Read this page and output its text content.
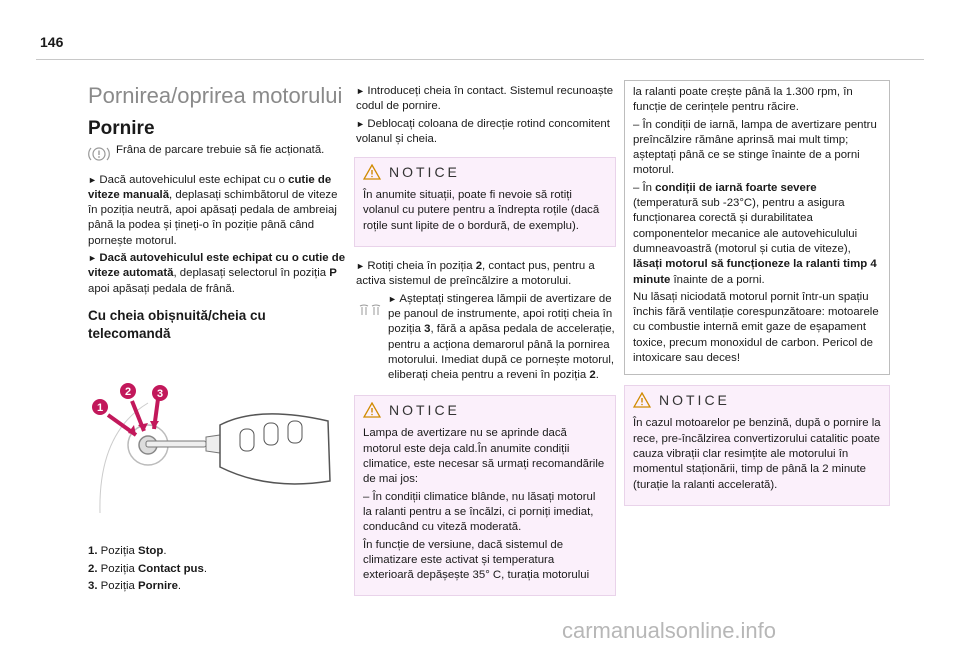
146
Pornirea/oprirea motorului
Pornire
Frâna de parcare trebuie să fie acționată.

► Dacă autovehiculul este echipat cu o cutie de viteze manuală, deplasați schimbătorul de viteze în poziția neutră, apoi apăsați pedala de ambreiaj până la podea și țineți-o în poziție până când pornește motorul.

► Dacă autovehiculul este echipat cu o cutie de viteze automată, deplasați selectorul în poziția P apoi apăsați pedala de frână.

Cu cheia obișnuită/cheia cu telecomandă
1
2 3

1. Poziția Stop.

2. Poziția Contact pus.

3. Poziția Pornire.

► Introduceți cheia în contact. Sistemul recunoaște codul de pornire.

► Deblocați coloana de direcție rotind concomitent volanul și cheia.

NOTICE

În anumite situații, poate fi nevoie să rotiți volanul cu putere pentru a îndrepta roțile (dacă roțile sunt lipite de o bordură, de exemplu).

► Rotiți cheia în poziția 2, contact pus, pentru a activa sistemul de preîncălzire a motorului.

► Așteptați stingerea lămpii de avertizare de pe panoul de instrumente, apoi rotiți cheia în poziția 3, fără a apăsa pedala de accelerație, pentru a acționa demarorul până la pornirea motorului. Imediat după ce pornește motorul, eliberați cheia pentru a reveni în poziția 2.

NOTICE

Lampa de avertizare nu se aprinde dacă motorul este deja cald.În anumite condiții climatice, este necesar să urmați recomandările de mai jos:

– În condiții climatice blânde, nu lăsați motorul la ralanti pentru a se încălzi, ci porniți imediat, conducând cu viteză moderată.

În funcție de versiune, dacă sistemul de climatizare este activat și temperatura exterioară depășește 35° C, turația motorului

la ralanti poate crește până la 1.300 rpm, în funcție de cerințele pentru răcire.

– În condiții de iarnă, lampa de avertizare pentru preîncălzire rămâne aprinsă mai mult timp; așteptați până ce se stinge înainte de a porni motorul.

– În condiții de iarnă foarte severe (temperatură sub -23°C), pentru a asigura funcționarea corectă și durabilitatea componentelor mecanice ale autovehiculului dumneavoastră (motorul și cutia de viteze), lăsați motorul să funcționeze la ralanti timp 4 minute înainte de a porni.

Nu lăsați niciodată motorul pornit într-un spațiu închis fără ventilație corespunzătoare: motoarele cu combustie internă emit gaze de eșapament toxice, precum monoxidul de carbon. Pericol de intoxicare sau deces!

NOTICE

În cazul motoarelor pe benzină, după o pornire la rece, pre-încălzirea convertizorului catalitic poate cauza vibrații clar resimțite ale motorului în momentul staționării, timp de până la 2 minute (turație la ralanti accelerată).

carmanualsonline.info
